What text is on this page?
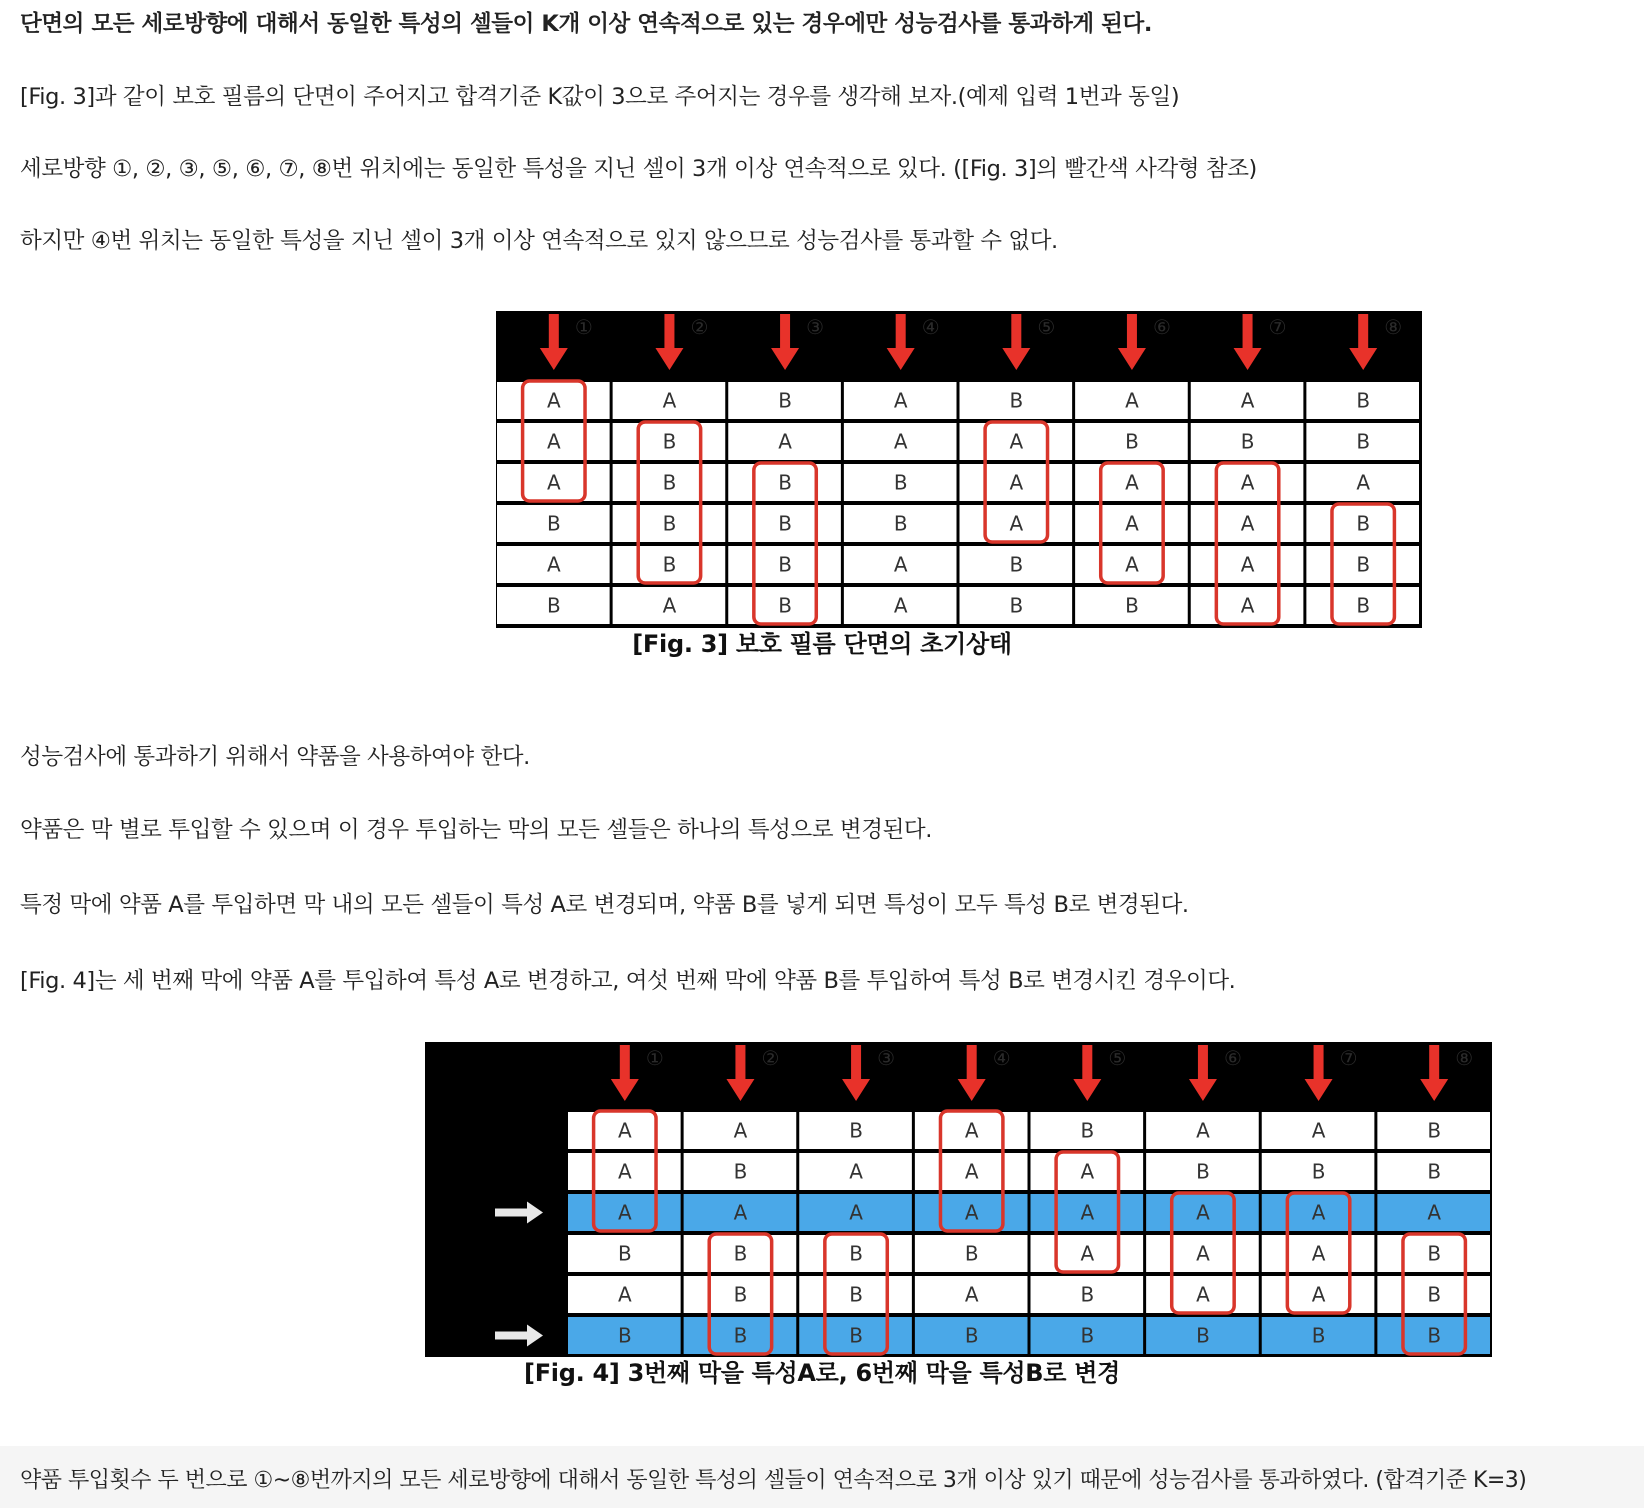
단면의 모든 세로방향에 대해서 동일한 특성의 셀들이 K개 이상 연속적으로 있는 경우에만 성능검사를 통과하게 된다.

[Fig. 3]과 같이 보호 필름의 단면이 주어지고 합격기준 K값이 3으로 주어지는 경우를 생각해 보자.(예제 입력 1번과 동일)

세로방향 ①, ②, ③, ⑤, ⑥, ⑦, ⑧번 위치에는 동일한 특성을 지닌 셀이 3개 이상 연속적으로 있다. ([Fig. 3]의 빨간색 사각형 참조)

하지만 ④번 위치는 동일한 특성을 지닌 셀이 3개 이상 연속적으로 있지 않으므로 성능검사를 통과할 수 없다.

①	②	③	④	⑤	⑥	⑦	⑧
A	A	B	A	B	A	A	B
A	B	A	A	A	B	B	B
A	B	B	B	A	A	A	A
B	B	B	B	A	A	A	B
A	B	B	A	B	A	A	B
B	A	B	A	B	B	A	B
[Fig. 3] 보호 필름 단면의 초기상태

성능검사에 통과하기 위해서 약품을 사용하여야 한다.

약품은 막 별로 투입할 수 있으며 이 경우 투입하는 막의 모든 셀들은 하나의 특성으로 변경된다.

특정 막에 약품 A를 투입하면 막 내의 모든 셀들이 특성 A로 변경되며, 약품 B를 넣게 되면 특성이 모두 특성 B로 변경된다.

[Fig. 4]는 세 번째 막에 약품 A를 투입하여 특성 A로 변경하고, 여섯 번째 막에 약품 B를 투입하여 특성 B로 변경시킨 경우이다.

①	②	③	④	⑤	⑥	⑦	⑧
A	A	B	A	B	A	A	B
A	B	A	A	A	B	B	B
A	A	A	A	A	A	A	A
B	B	B	B	A	A	A	B
A	B	B	A	B	A	A	B
B	B	B	B	B	B	B	B
[Fig. 4] 3번째 막을 특성A로, 6번째 막을 특성B로 변경

약품 투입횟수 두 번으로 ①~⑧번까지의 모든 세로방향에 대해서 동일한 특성의 셀들이 연속적으로 3개 이상 있기 때문에 성능검사를 통과하였다. (합격기준 K=3)
